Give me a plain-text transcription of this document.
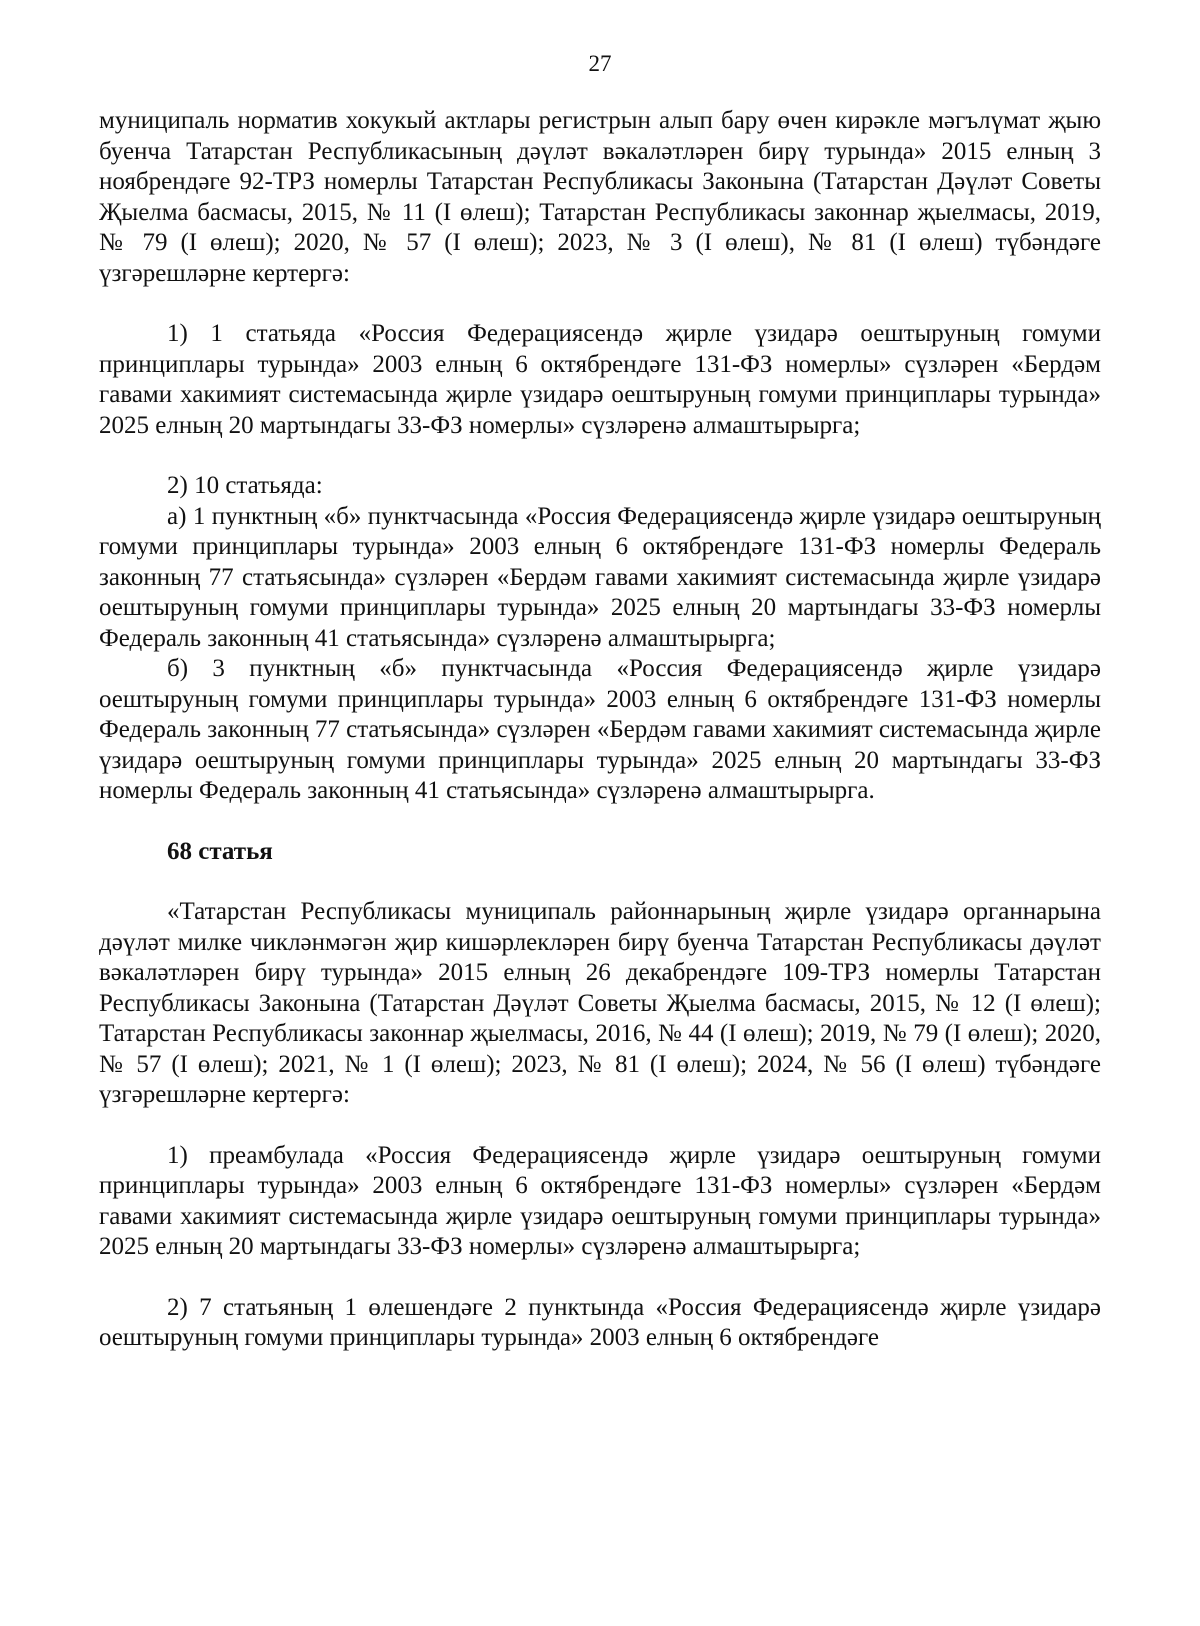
27

муниципаль норматив хокукый актлары регистрын алып бару өчен кирәкле мәгълүмат җыю буенча Татарстан Республикасының дәүләт вәкаләтләрен бирү турында» 2015 елның 3 ноябрендәге 92-ТРЗ номерлы Татарстан Республикасы Законына (Татарстан Дәүләт Советы Җыелма басмасы, 2015, № 11 (I өлеш); Татарстан Республикасы законнар җыелмасы, 2019, № 79 (I өлеш); 2020, № 57 (I өлеш); 2023, № 3 (I өлеш), № 81 (I өлеш) түбәндәге үзгәрешләрне кертергә:

1) 1 статьяда «Россия Федерациясендә җирле үзидарә оештыруның гомуми принциплары турында» 2003 елның 6 октябрендәге 131-ФЗ номерлы» сүзләрен «Бердәм гавами хакимият системасында җирле үзидарә оештыруның гомуми принциплары турында» 2025 елның 20 мартындагы 33-ФЗ номерлы» сүзләренә алмаштырырга;

2) 10 статьяда:

а) 1 пунктның «б» пунктчасында «Россия Федерациясендә җирле үзидарә оештыруның гомуми принциплары турында» 2003 елның 6 октябрендәге 131-ФЗ номерлы Федераль законның 77 статьясында» сүзләрен «Бердәм гавами хакимият системасында җирле үзидарә оештыруның гомуми принциплары турында» 2025 елның 20 мартындагы 33-ФЗ номерлы Федераль законның 41 статьясында» сүзләренә алмаштырырга;

б) 3 пунктның «б» пунктчасында «Россия Федерациясендә җирле үзидарә оештыруның гомуми принциплары турында» 2003 елның 6 октябрендәге 131-ФЗ номерлы Федераль законның 77 статьясында» сүзләрен «Бердәм гавами хакимият системасында җирле үзидарә оештыруның гомуми принциплары турында» 2025 елның 20 мартындагы 33-ФЗ номерлы Федераль законның 41 статьясында» сүзләренә алмаштырырга.

68 статья

«Татарстан Республикасы муниципаль районнарының җирле үзидарә органнарына дәүләт милке чикләнмәгән җир кишәрлекләрен бирү буенча Татарстан Республикасы дәүләт вәкаләтләрен бирү турында» 2015 елның 26 декабрендәге 109-ТРЗ номерлы Татарстан Республикасы Законына (Татарстан Дәүләт Советы Җыелма басмасы, 2015, № 12 (I өлеш); Татарстан Республикасы законнар җыелмасы, 2016, № 44 (I өлеш); 2019, № 79 (I өлеш); 2020, № 57 (I өлеш); 2021, № 1 (I өлеш); 2023, № 81 (I өлеш); 2024, № 56 (I өлеш) түбәндәге үзгәрешләрне кертергә:

1) преамбулада «Россия Федерациясендә җирле үзидарә оештыруның гомуми принциплары турында» 2003 елның 6 октябрендәге 131-ФЗ номерлы» сүзләрен «Бердәм гавами хакимият системасында җирле үзидарә оештыруның гомуми принциплары турында» 2025 елның 20 мартындагы 33-ФЗ номерлы» сүзләренә алмаштырырга;

2) 7 статьяның 1 өлешендәге 2 пунктында «Россия Федерациясендә җирле үзидарә оештыруның гомуми принциплары турында» 2003 елның 6 октябрендәге
